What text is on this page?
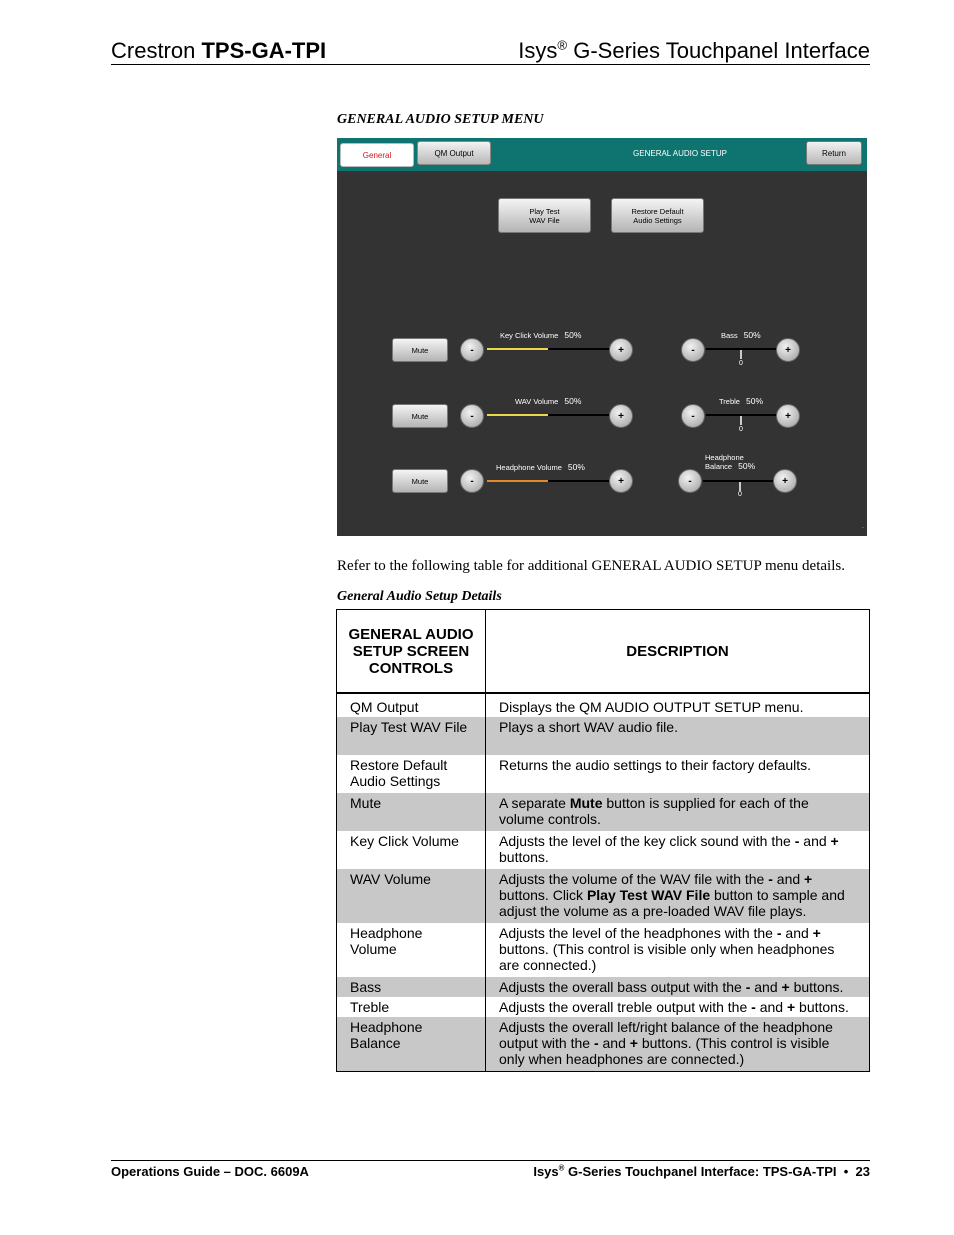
Crestron TPS-GA-TPI	Isys® G-Series Touchpanel Interface
GENERAL AUDIO SETUP MENU
General	QM Output	GENERAL AUDIO SETUP	Return
Play Test
WAV File
Restore Default
Audio Settings
Mute	-
Key Click Volume 50%
+
Mute	-
WAV Volume 50%
+
Mute	-
Headphone Volume 50%
+
-
Bass 50%
0
+
-
Treble 50%
0
+
-
Headphone
Balance 50%
0
+
.
Refer to the following table for additional GENERAL AUDIO SETUP menu details.
General Audio Setup Details
GENERAL AUDIO SETUP SCREEN CONTROLS	DESCRIPTION
QM Output	Displays the QM AUDIO OUTPUT SETUP menu.
Play Test WAV File	Plays a short WAV audio file.
Restore Default Audio Settings	Returns the audio settings to their factory defaults.
Mute	A separate Mute button is supplied for each of the volume controls.
Key Click Volume	Adjusts the level of the key click sound with the - and + buttons.
WAV Volume	Adjusts the volume of the WAV file with the - and + buttons. Click Play Test WAV File button to sample and adjust the volume as a pre-loaded WAV file plays.
Headphone Volume	Adjusts the level of the headphones with the - and + buttons. (This control is visible only when headphones are connected.)
Bass	Adjusts the overall bass output with the - and + buttons.
Treble	Adjusts the overall treble output with the - and + buttons.
Headphone Balance	Adjusts the overall left/right balance of the headphone output with the - and + buttons. (This control is visible only when headphones are connected.)
Operations Guide – DOC. 6609A	Isys® G-Series Touchpanel Interface: TPS-GA-TPI • 23
